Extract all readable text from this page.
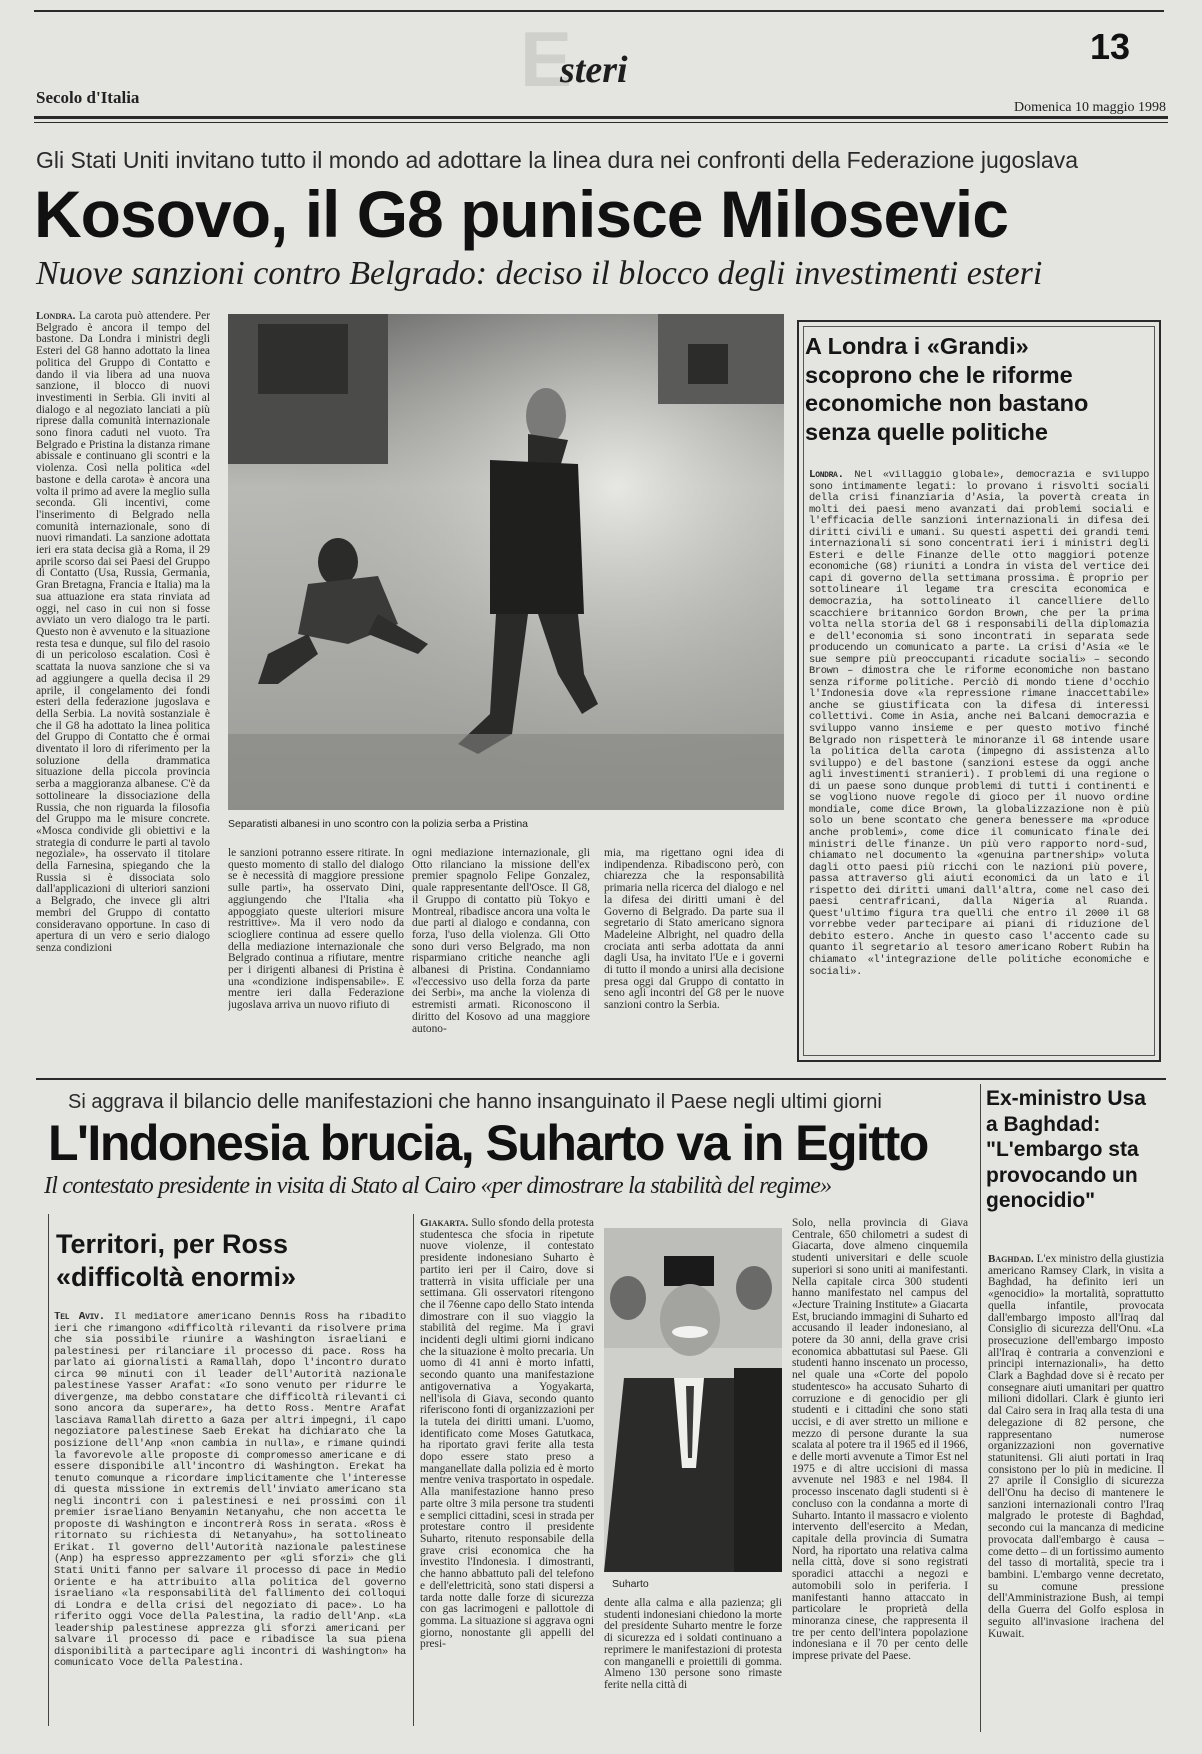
E
steri
13
Secolo d'Italia
Domenica 10 maggio 1998
Gli Stati Uniti invitano tutto il mondo ad adottare la linea dura nei confronti della Federazione jugoslava
Kosovo, il G8 punisce Milosevic
Nuove sanzioni contro Belgrado: deciso il blocco degli investimenti esteri
Separatisti albanesi in uno scontro con la polizia serba a Pristina

Londra. La carota può attendere. Per Belgrado è ancora il tempo del bastone. Da Londra i ministri degli Esteri del G8 hanno adottato la linea politica del Gruppo di Contatto e dando il via libera ad una nuova sanzione, il blocco di nuovi investimenti in Serbia. Gli inviti al dialogo e al negoziato lanciati a più riprese dalla comunità internazionale sono finora caduti nel vuoto. Tra Belgrado e Pristina la distanza rimane abissale e continuano gli scontri e la violenza. Così nella politica «del bastone e della carota» è ancora una volta il primo ad avere la meglio sulla seconda. Gli incentivi, come l'inserimento di Belgrado nella comunità internazionale, sono di nuovi rimandati. La sanzione adottata ieri era stata decisa già a Roma, il 29 aprile scorso dai sei Paesi del Gruppo di Contatto (Usa, Russia, Germania, Gran Bretagna, Francia e Italia) ma la sua attuazione era stata rinviata ad oggi, nel caso in cui non si fosse avviato un vero dialogo tra le parti. Questo non è avvenuto e la situazione resta tesa e dunque, sul filo del rasoio di un pericoloso escalation. Così è scattata la nuova sanzione che si va ad aggiungere a quella decisa il 29 aprile, il congelamento dei fondi esteri della federazione jugoslava e della Serbia. La novità sostanziale è che il G8 ha adottato la linea politica del Gruppo di Contatto che è ormai diventato il loro di riferimento per la soluzione della drammatica situazione della piccola provincia serba a maggioranza albanese. C'è da sottolineare la dissociazione della Russia, che non riguarda la filosofia del Gruppo ma le misure concrete. «Mosca condivide gli obiettivi e la strategia di condurre le parti al tavolo negoziale», ha osservato il titolare della Farnesina, spiegando che la Russia si è dissociata solo dall'applicazioni di ulteriori sanzioni a Belgrado, che invece gli altri membri del Gruppo di contatto consideravano opportune. In caso di apertura di un vero e serio dialogo senza condizioni

le sanzioni potranno essere ritirate. In questo momento di stallo del dialogo se è necessità di maggiore pressione sulle parti», ha osservato Dini, aggiungendo che l'Italia «ha appoggiato queste ulteriori misure restrittive». Ma il vero nodo da sciogliere continua ad essere quello della mediazione internazionale che Belgrado continua a rifiutare, mentre per i dirigenti albanesi di Pristina è una «condizione indispensabile». E mentre ieri dalla Federazione jugoslava arriva un nuovo rifiuto di

ogni mediazione internazionale, gli Otto rilanciano la missione dell'ex premier spagnolo Felipe Gonzalez, quale rappresentante dell'Osce. Il G8, il Gruppo di contatto più Tokyo e Montreal, ribadisce ancora una volta le due parti al dialogo e condanna, con forza, l'uso della violenza. Gli Otto sono duri verso Belgrado, ma non risparmiano critiche neanche agli albanesi di Pristina. Condanniamo «l'eccessivo uso della forza da parte dei Serbi», ma anche la violenza di estremisti armati. Riconoscono il diritto del Kosovo ad una maggiore autono-

mia, ma rigettano ogni idea di indipendenza. Ribadiscono però, con chiarezza che la responsabilità primaria nella ricerca del dialogo e nel la difesa dei diritti umani è del Governo di Belgrado. Da parte sua il segretario di Stato americano signora Madeleine Albright, nel quadro della crociata anti serba adottata da anni dagli Usa, ha invitato l'Ue e i governi di tutto il mondo a unirsi alla decisione presa oggi dal Gruppo di contatto in seno agli incontri del G8 per le nuove sanzioni contro la Serbia.

A Londra i «Grandi» scoprono che le riforme economiche non bastano senza quelle politiche

Londra. Nel «villaggio globale», democrazia e sviluppo sono intimamente legati: lo provano i risvolti sociali della crisi finanziaria d'Asia, la povertà creata in molti dei paesi meno avanzati dai problemi sociali e l'efficacia delle sanzioni internazionali in difesa dei diritti civili e umani. Su questi aspetti dei grandi temi internazionali si sono concentrati ieri i ministri degli Esteri e delle Finanze delle otto maggiori potenze economiche (G8) riuniti a Londra in vista del vertice dei capi di governo della settimana prossima. È proprio per sottolineare il legame tra crescita economica e democrazia, ha sottolineato il cancelliere dello scacchiere britannico Gordon Brown, che per la prima volta nella storia del G8 i responsabili della diplomazia e dell'economia si sono incontrati in separata sede producendo un comunicato a parte. La crisi d'Asia «e le sue sempre più preoccupanti ricadute sociali» – secondo Brown – dimostra che le riforme economiche non bastano senza riforme politiche. Perciò di mondo tiene d'occhio l'Indonesia dove «la repressione rimane inaccettabile» anche se giustificata con la difesa di interessi collettivi. Come in Asia, anche nei Balcani democrazia e sviluppo vanno insieme e per questo motivo finché Belgrado non rispetterà le minoranze il G8 intende usare la politica della carota (impegno di assistenza allo sviluppo) e del bastone (sanzioni estese da oggi anche agli investimenti stranieri). I problemi di una regione o di un paese sono dunque problemi di tutti i continenti e se vogliono nuove regole di gioco per il nuovo ordine mondiale, come dice Brown, la globalizzazione non è più solo un bene scontato che genera benessere ma «produce anche problemi», come dice il comunicato finale dei ministri delle finanze. Un più vero rapporto nord-sud, chiamato nel documento la «genuina partnership» voluta dagli otto paesi più ricchi con le nazioni più povere, passa attraverso gli aiuti economici da un lato e il rispetto dei diritti umani dall'altra, come nel caso dei paesi centrafricani, dalla Nigeria al Ruanda. Quest'ultimo figura tra quelli che entro il 2000 il G8 vorrebbe veder partecipare ai piani di riduzione del debito estero. Anche in questo caso l'accento cade su quanto il segretario al tesoro americano Robert Rubin ha chiamato «l'integrazione delle politiche economiche e sociali».

Si aggrava il bilancio delle manifestazioni che hanno insanguinato il Paese negli ultimi giorni
L'Indonesia brucia, Suharto va in Egitto
Il contestato presidente in visita di Stato al Cairo «per dimostrare la stabilità del regime»
Territori, per Ross «difficoltà enormi»

Tel Aviv. Il mediatore americano Dennis Ross ha ribadito ieri che rimangono «difficoltà rilevanti da risolvere prima che sia possibile riunire a Washington israeliani e palestinesi per rilanciare il processo di pace. Ross ha parlato ai giornalisti a Ramallah, dopo l'incontro durato circa 90 minuti con il leader dell'Autorità nazionale palestinese Yasser Arafat: «Io sono venuto per ridurre le divergenze, ma debbo constatare che difficoltà rilevanti ci sono ancora da superare», ha detto Ross. Mentre Arafat lasciava Ramallah diretto a Gaza per altri impegni, il capo negoziatore palestinese Saeb Erekat ha dichiarato che la posizione dell'Anp «non cambia in nulla», e rimane quindi la favorevole alle proposte di compromesso americane e di essere disponibile all'incontro di Washington. Erekat ha tenuto comunque a ricordare implicitamente che l'interesse di questa missione in extremis dell'inviato americano sta negli incontri con i palestinesi e nei prossimi con il premier israeliano Benyamin Netanyahu, che non accetta le proposte di Washington e incontrerà Ross in serata. «Ross è ritornato su richiesta di Netanyahu», ha sottolineato Erikat. Il governo dell'Autorità nazionale palestinese (Anp) ha espresso apprezzamento per «gli sforzi» che gli Stati Uniti fanno per salvare il processo di pace in Medio Oriente e ha attribuito alla politica del governo israeliano «la responsabilità del fallimento dei colloqui di Londra e della crisi del negoziato di pace». Lo ha riferito oggi Voce della Palestina, la radio dell'Anp. «La leadership palestinese apprezza gli sforzi americani per salvare il processo di pace e ribadisce la sua piena disponibilità a partecipare agli incontri di Washington» ha comunicato Voce della Palestina.

Giakarta. Sullo sfondo della protesta studentesca che sfocia in ripetute nuove violenze, il contestato presidente indonesiano Suharto è partito ieri per il Cairo, dove si tratterrà in visita ufficiale per una settimana. Gli osservatori ritengono che il 76enne capo dello Stato intenda dimostrare con il suo viaggio la stabilità del regime. Ma i gravi incidenti degli ultimi giorni indicano che la situazione è molto precaria. Un uomo di 41 anni è morto infatti, secondo quanto una manifestazione antigovernativa a Yogyakarta, nell'isola di Giava, secondo quanto riferiscono fonti di organizzazioni per la tutela dei diritti umani. L'uomo, identificato come Moses Gatutkaca, ha riportato gravi ferite alla testa dopo essere stato preso a manganellate dalla polizia ed è morto mentre veniva trasportato in ospedale. Alla manifestazione hanno preso parte oltre 3 mila persone tra studenti e semplici cittadini, scesi in strada per protestare contro il presidente Suharto, ritenuto responsabile della grave crisi economica che ha investito l'Indonesia. I dimostranti, che hanno abbattuto pali del telefono e dell'elettricità, sono stati dispersi a tarda notte dalle forze di sicurezza con gas lacrimogeni e pallottole di gomma. La situazione si aggrava ogni giorno, nonostante gli appelli del presi-

Suharto

dente alla calma e alla pazienza; gli studenti indonesiani chiedono la morte del presidente Suharto mentre le forze di sicurezza ed i soldati continuano a reprimere le manifestazioni di protesta con manganelli e proiettili di gomma. Almeno 130 persone sono rimaste ferite nella città di

Solo, nella provincia di Giava Centrale, 650 chilometri a sudest di Giacarta, dove almeno cinquemila studenti universitari e delle scuole superiori si sono uniti ai manifestanti. Nella capitale circa 300 studenti hanno manifestato nel campus del «Jecture Training Institute» a Giacarta Est, bruciando immagini di Suharto ed accusando il leader indonesiano, al potere da 30 anni, della grave crisi economica abbattutasi sul Paese. Gli studenti hanno inscenato un processo, nel quale una «Corte del popolo studentesco» ha accusato Suharto di corruzione e di genocidio per gli studenti e i cittadini che sono stati uccisi, e di aver stretto un milione e mezzo di persone durante la sua scalata al potere tra il 1965 ed il 1966, e delle morti avvenute a Timor Est nel 1975 e di altre uccisioni di massa avvenute nel 1983 e nel 1984. Il processo inscenato dagli studenti si è concluso con la condanna a morte di Suharto. Intanto il massacro e violento intervento dell'esercito a Medan, capitale della provincia di Sumatra Nord, ha riportato una relativa calma nella città, dove si sono registrati sporadici attacchi a negozi e automobili solo in periferia. I manifestanti hanno attaccato in particolare le proprietà della minoranza cinese, che rappresenta il tre per cento dell'intera popolazione indonesiana e il 70 per cento delle imprese private del Paese.

Ex-ministro Usa a Baghdad: "L'embargo sta provocando un genocidio"

Baghdad. L'ex ministro della giustizia americano Ramsey Clark, in visita a Baghdad, ha definito ieri un «genocidio» la mortalità, soprattutto quella infantile, provocata dall'embargo imposto all'Iraq dal Consiglio di sicurezza dell'Onu. «La prosecuzione dell'embargo imposto all'Iraq è contraria a convenzioni e principi internazionali», ha detto Clark a Baghdad dove si è recato per consegnare aiuti umanitari per quattro milioni didollari. Clark è giunto ieri dal Cairo sera in Iraq alla testa di una delegazione di 82 persone, che rappresentano numerose organizzazioni non governative statunitensi. Gli aiuti portati in Iraq consistono per lo più in medicine. Il 27 aprile il Consiglio di sicurezza dell'Onu ha deciso di mantenere le sanzioni internazionali contro l'Iraq malgrado le proteste di Baghdad, secondo cui la mancanza di medicine provocata dall'embargo è causa – come detto – di un fortissimo aumento del tasso di mortalità, specie tra i bambini. L'embargo venne decretato, su comune pressione dell'Amministrazione Bush, ai tempi della Guerra del Golfo esplosa in seguito all'invasione irachena del Kuwait.
